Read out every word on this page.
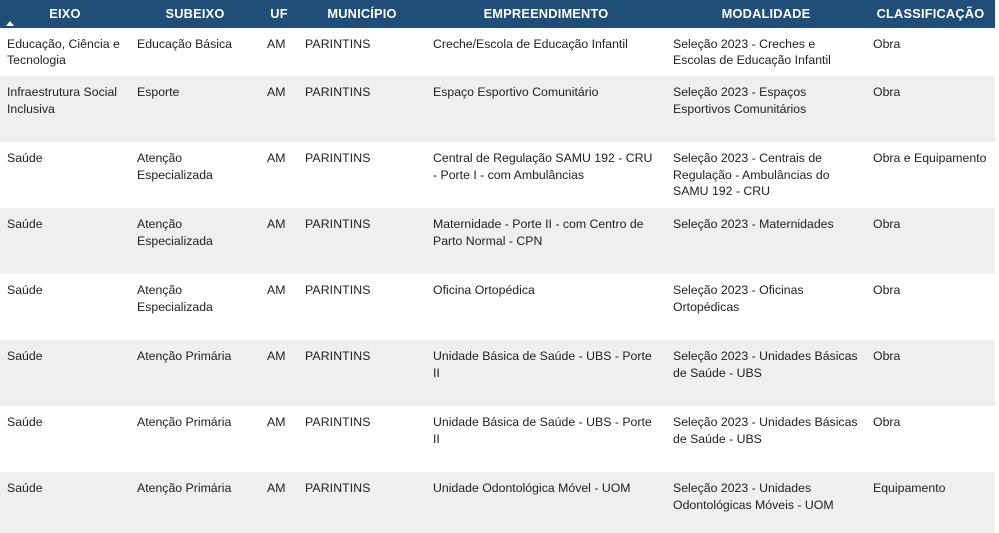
EIXO	SUBEIXO	UF	MUNICÍPIO	EMPREENDIMENTO	MODALIDADE	CLASSIFICAÇÃO
Educação, Ciência e Tecnologia	Educação Básica	AM	PARINTINS	Creche/Escola de Educação Infantil	Seleção 2023 - Creches e Escolas de Educação Infantil	Obra
Infraestrutura Social Inclusiva	Esporte	AM	PARINTINS	Espaço Esportivo Comunitário	Seleção 2023 - Espaços Esportivos Comunitários	Obra
Saúde	Atenção Especializada	AM	PARINTINS	Central de Regulação SAMU 192 - CRU - Porte I - com Ambulâncias	Seleção 2023 - Centrais de Regulação - Ambulâncias do SAMU 192 - CRU	Obra e Equipamento
Saúde	Atenção Especializada	AM	PARINTINS	Maternidade - Porte II - com Centro de Parto Normal - CPN	Seleção 2023 - Maternidades	Obra
Saúde	Atenção Especializada	AM	PARINTINS	Oficina Ortopédica	Seleção 2023 - Oficinas Ortopédicas	Obra
Saúde	Atenção Primária	AM	PARINTINS	Unidade Básica de Saúde - UBS - Porte II	Seleção 2023 - Unidades Básicas de Saúde - UBS	Obra
Saúde	Atenção Primária	AM	PARINTINS	Unidade Básica de Saúde - UBS - Porte II	Seleção 2023 - Unidades Básicas de Saúde - UBS	Obra
Saúde	Atenção Primária	AM	PARINTINS	Unidade Odontológica Móvel - UOM	Seleção 2023 - Unidades Odontológicas Móveis - UOM	Equipamento
